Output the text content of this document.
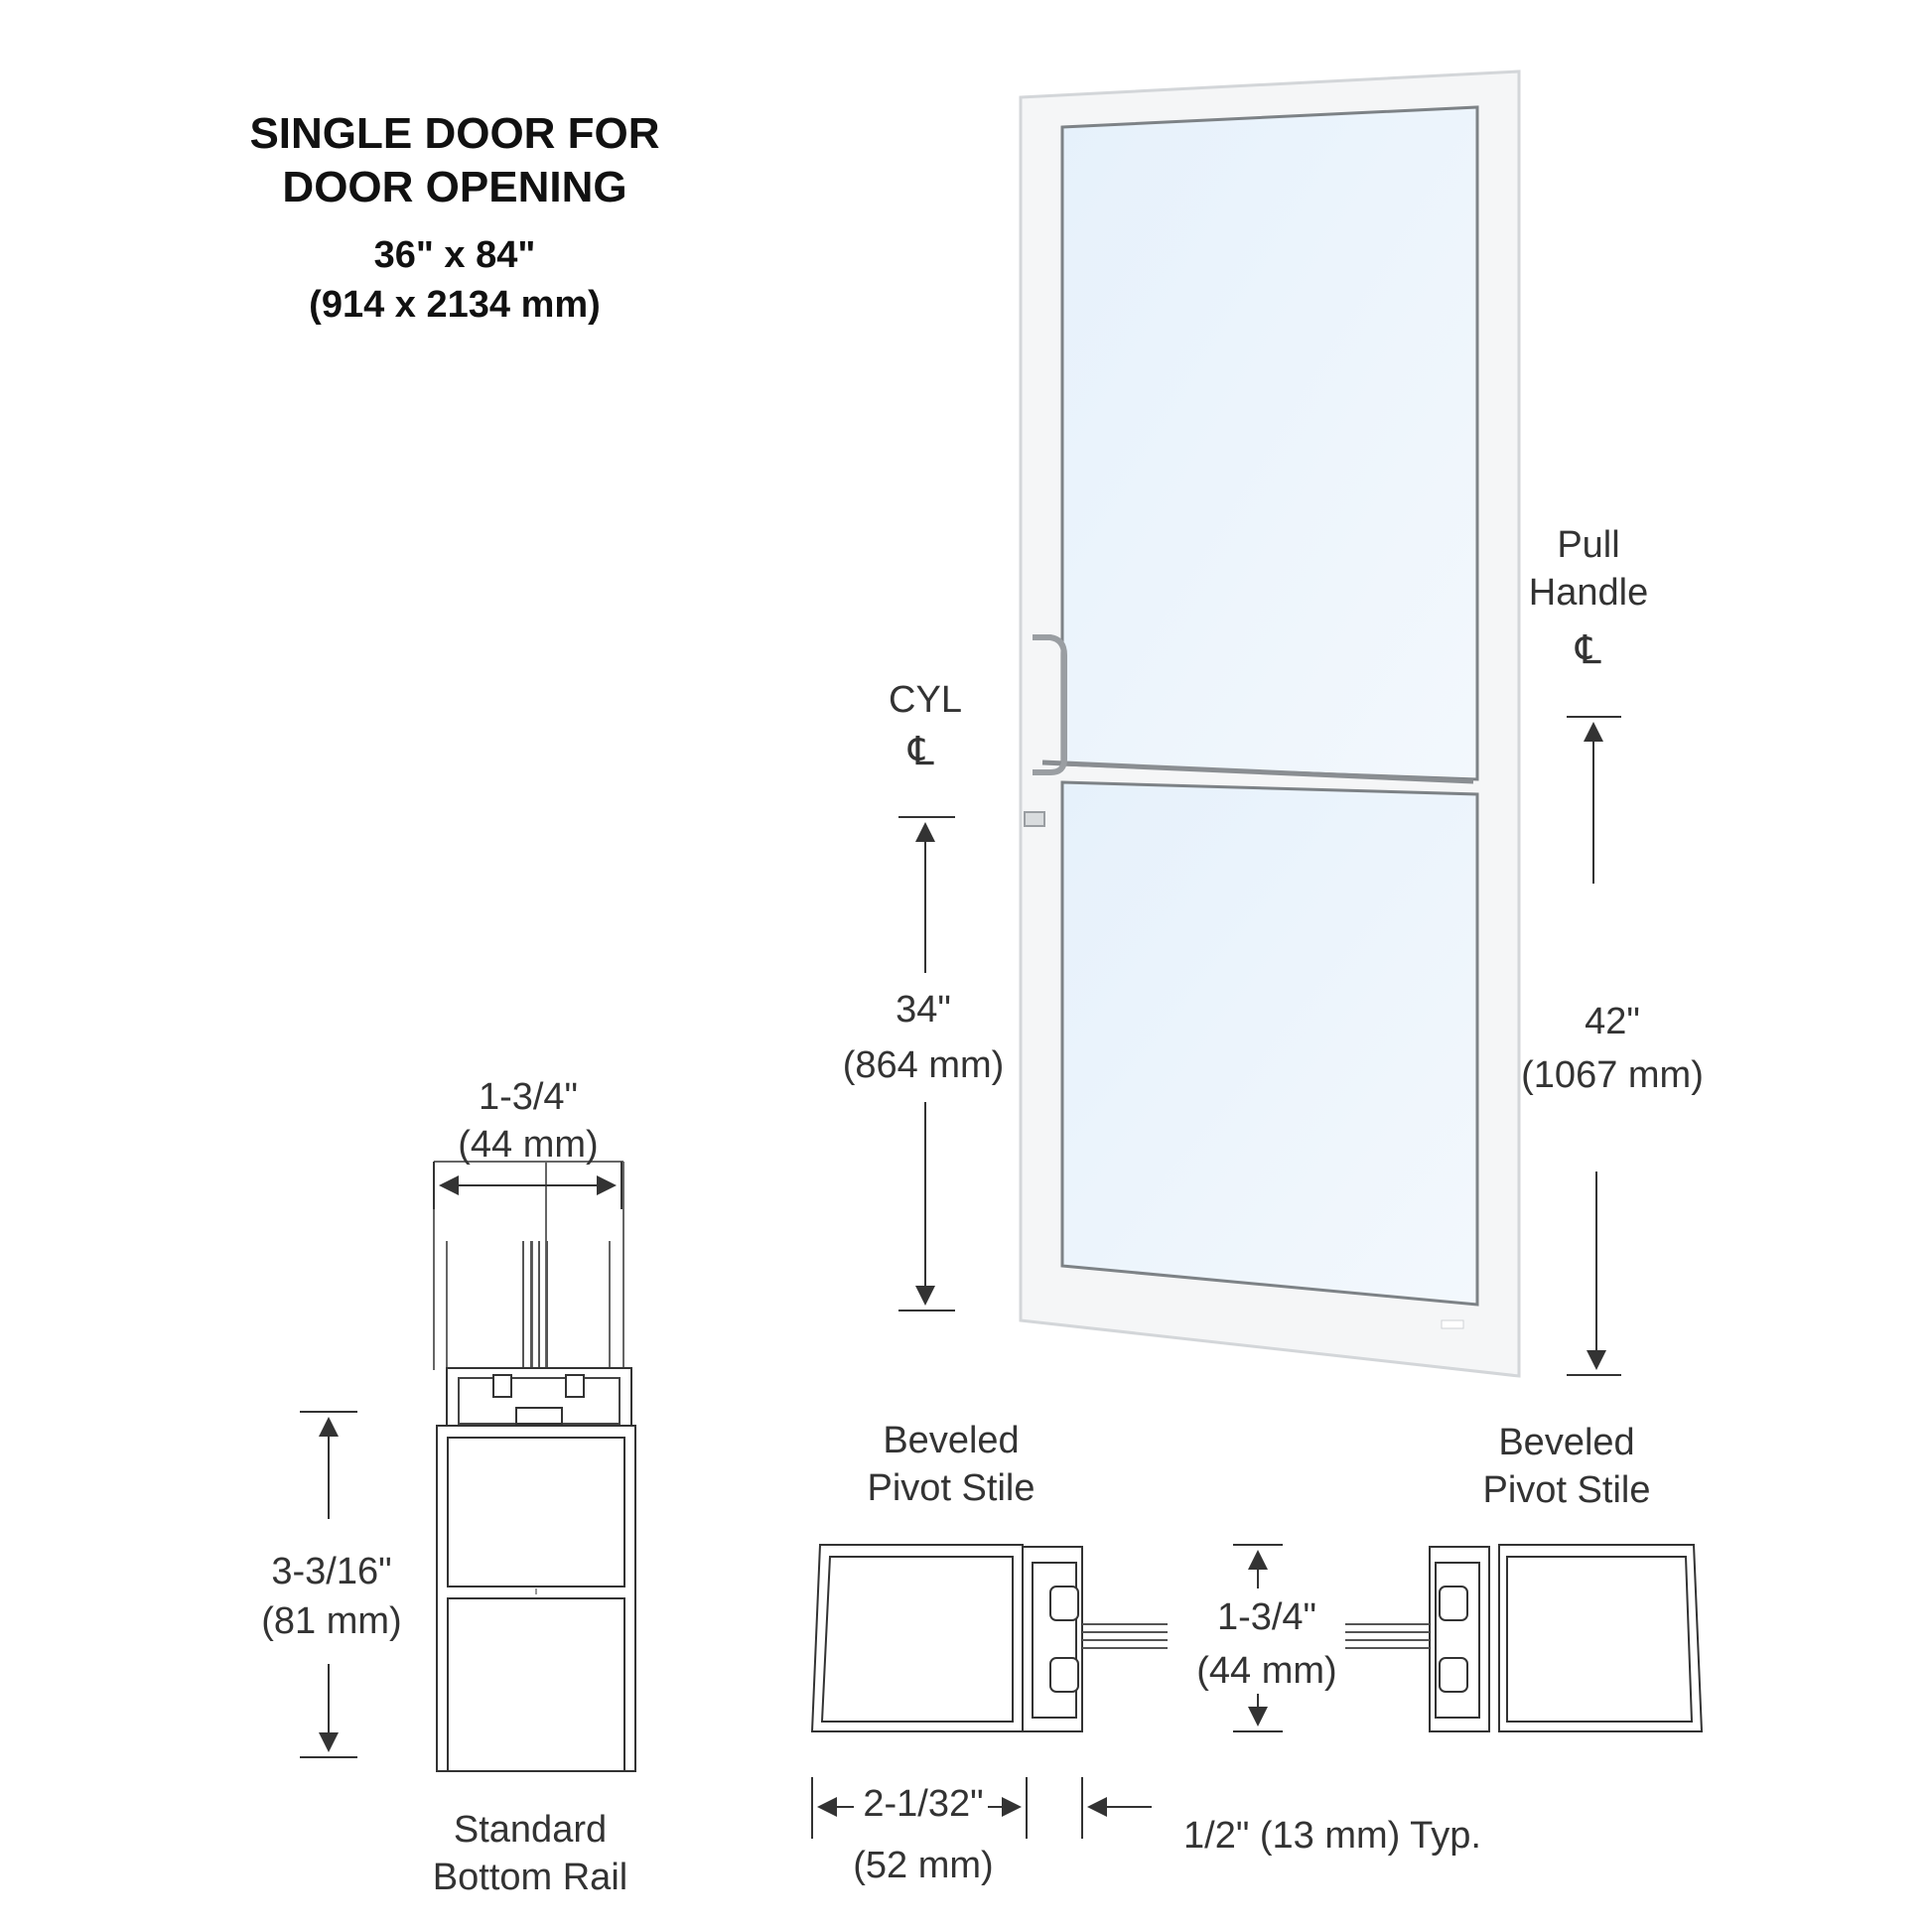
SINGLE DOOR FOR
DOOR OPENING
36" x 84"
(914 x 2134 mm)
Pull
Handle
℄
42"
(1067 mm)
CYL
℄
34"
(864 mm)
1-3/4"
(44 mm)
3-3/16"
(81 mm)
Standard
Bottom Rail
Beveled
Pivot Stile
Beveled
Pivot Stile
1-3/4"
(44 mm)
2-1/32"
(52 mm)
1/2" (13 mm) Typ.
